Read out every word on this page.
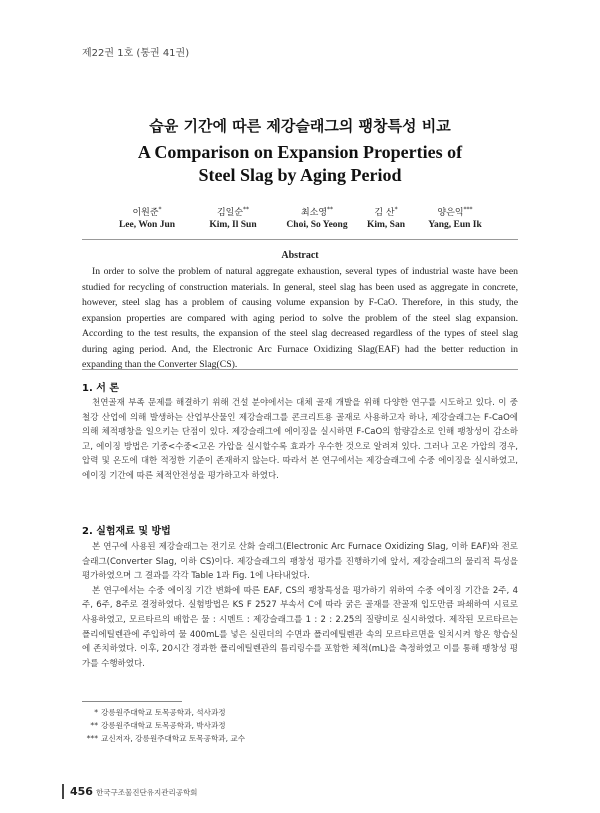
제22권 1호 (통권 41권)
습윤 기간에 따른 제강슬래그의 팽창특성 비교
A Comparison on Expansion Properties of
Steel Slag by Aging Period
이원준*
Lee, Won Jun
김일순**
Kim, Il Sun
최소영**
Choi, So Yeong
김 산*
Kim, San
양은익***
Yang, Eun Ik
Abstract
In order to solve the problem of natural aggregate exhaustion, several types of industrial waste have been studied for recycling of construction materials. In general, steel slag has been used as aggregate in concrete, however, steel slag has a problem of causing volume expansion by F-CaO. Therefore, in this study, the expansion properties are compared with aging period to solve the problem of the steel slag expansion. According to the test results, the expansion of the steel slag decreased regardless of the types of steel slag during aging period. And, the Electronic Arc Furnace Oxidizing Slag(EAF) had the better reduction in expanding than the Converter Slag(CS).
1. 서 론

천연골재 부족 문제를 해결하기 위해 건설 분야에서는 대체 골재 개발을 위해 다양한 연구를 시도하고 있다. 이 중 철강 산업에 의해 발생하는 산업부산물인 제강슬래그를 콘크리트용 골재로 사용하고자 하나, 제강슬래그는 F-CaO에 의해 체적팽창을 일으키는 단점이 있다. 제강슬래그에 에이징을 실시하면 F-CaO의 함량감소로 인해 팽창성이 감소하고, 에이징 방법은 기중<수중<고온 가압을 실시할수록 효과가 우수한 것으로 알려져 있다. 그러나 고온 가압의 경우, 압력 및 온도에 대한 적정한 기준이 존재하지 않는다. 따라서 본 연구에서는 제강슬래그에 수중 에이징을 실시하였고, 에이징 기간에 따른 체적안전성을 평가하고자 하였다.

2. 실험재료 및 방법

본 연구에 사용된 제강슬래그는 전기로 산화 슬래그(Electronic Arc Furnace Oxidizing Slag, 이하 EAF)와 전로 슬래그(Converter Slag, 이하 CS)이다. 제강슬래그의 팽창성 평가를 진행하기에 앞서, 제강슬래그의 물리적 특성을 평가하였으며 그 결과를 각각 Table 1과 Fig. 1에 나타내었다.

본 연구에서는 수중 에이징 기간 변화에 따른 EAF, CS의 팽창특성을 평가하기 위하여 수중 에이징 기간을 2주, 4주, 6주, 8주로 결정하였다. 실험방법은 KS F 2527 부속서 C에 따라 굵은 골재를 잔골재 입도만큼 파쇄하여 시료로 사용하였고, 모르타르의 배합은 물 : 시멘트 : 제강슬래그를 1 : 2 : 2.25의 질량비로 실시하였다. 제작된 모르타르는 폴리에틸렌관에 주입하여 물 400mL를 넣은 실린더의 수면과 폴리에틸렌관 속의 모르타르면을 일치시켜 항온 항습실에 존치하였다. 이후, 20시간 경과한 폴리에틸렌관의 틈리링수를 포함한 체적(mL)을 측정하였고 이를 통해 팽창성 평가를 수행하였다.

* 강릉원주대학교 토목공학과, 석사과정
** 강릉원주대학교 토목공학과, 박사과정
*** 교신저자, 강릉원주대학교 토목공학과, 교수
456 한국구조물진단유지관리공학회
